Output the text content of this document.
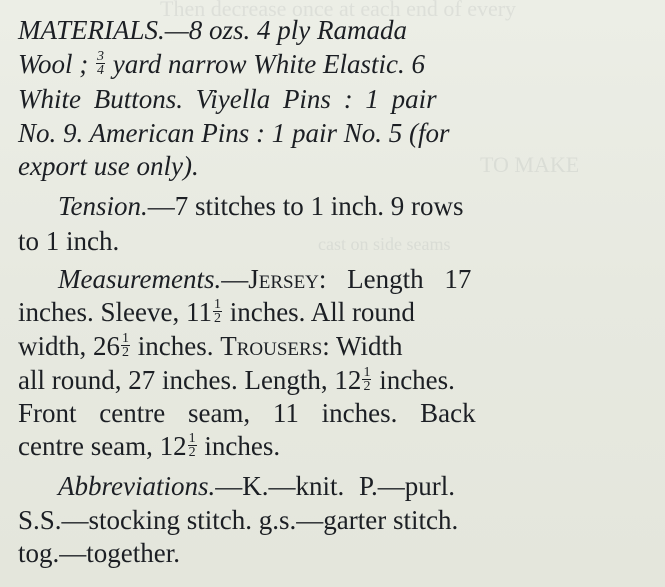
Then decrease once at each end of every
TO MAKE
cast on side seams
MATERIALS.—8 ozs. 4 ply Ramada
Wool ; $\frac{3}{4}$ yard narrow White Elastic. 6
White Buttons. Viyella Pins : 1 pair
No. 9. American Pins : 1 pair No. 5 (for
export use only).
Tension.—7 stitches to 1 inch. 9 rows
to 1 inch.
Measurements.—Jersey: Length 17
inches. Sleeve, $11 \frac{1}{2}$ inches. All round
width, $26 \frac{1}{2}$ inches. Trousers: Width
all round, 27 inches. Length, $12 \frac{1}{2}$ inches.
Front centre seam, 11 inches. Back
centre seam, $12 \frac{1}{2}$ inches.
Abbreviations.—K.—knit. P.—purl.
S.S.—stocking stitch. g.s.—garter stitch.
tog.—together.
